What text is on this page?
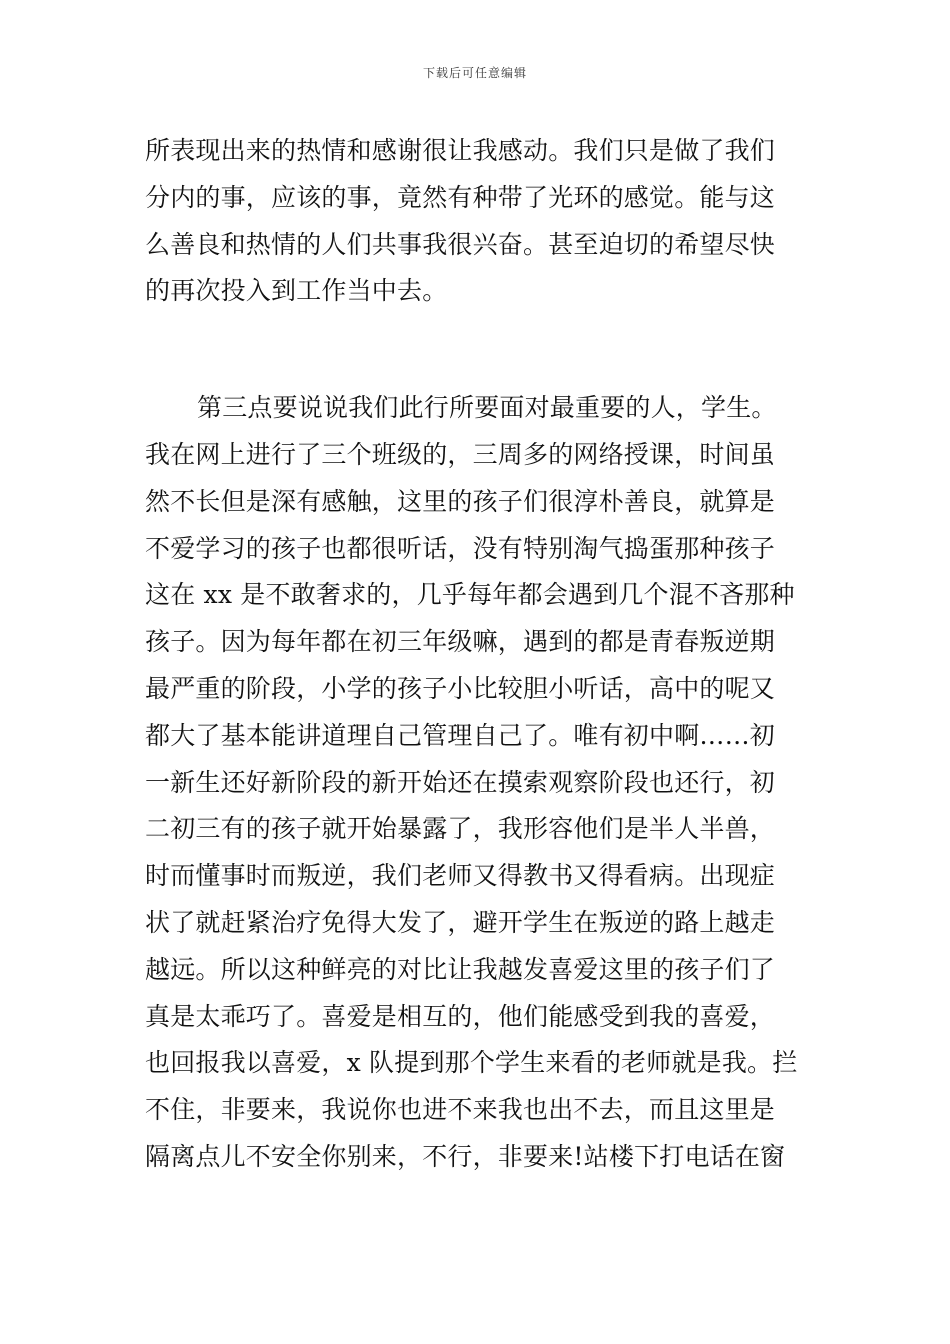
下载后可任意编辑
所表现出来的热情和感谢很让我感动。我们只是做了我们
分内的事，应该的事，竟然有种带了光环的感觉。能与这
么善良和热情的人们共事我很兴奋。甚至迫切的希望尽快
的再次投入到工作当中去。
第三点要说说我们此行所要面对最重要的人，学生。
我在网上进行了三个班级的，三周多的网络授课，时间虽
然不长但是深有感触，这里的孩子们很淳朴善良，就算是
不爱学习的孩子也都很听话，没有特别淘气捣蛋那种孩子
这在 xx 是不敢奢求的，几乎每年都会遇到几个混不吝那种
孩子。因为每年都在初三年级嘛，遇到的都是青春叛逆期
最严重的阶段，小学的孩子小比较胆小听话，高中的呢又
都大了基本能讲道理自己管理自己了。唯有初中啊……初
一新生还好新阶段的新开始还在摸索观察阶段也还行，初
二初三有的孩子就开始暴露了，我形容他们是半人半兽，
时而懂事时而叛逆，我们老师又得教书又得看病。出现症
状了就赶紧治疗免得大发了，避开学生在叛逆的路上越走
越远。所以这种鲜亮的对比让我越发喜爱这里的孩子们了
真是太乖巧了。喜爱是相互的，他们能感受到我的喜爱，
也回报我以喜爱，x 队提到那个学生来看的老师就是我。拦
不住，非要来，我说你也进不来我也出不去，而且这里是
隔离点儿不安全你别来，不行，非要来!站楼下打电话在窗
